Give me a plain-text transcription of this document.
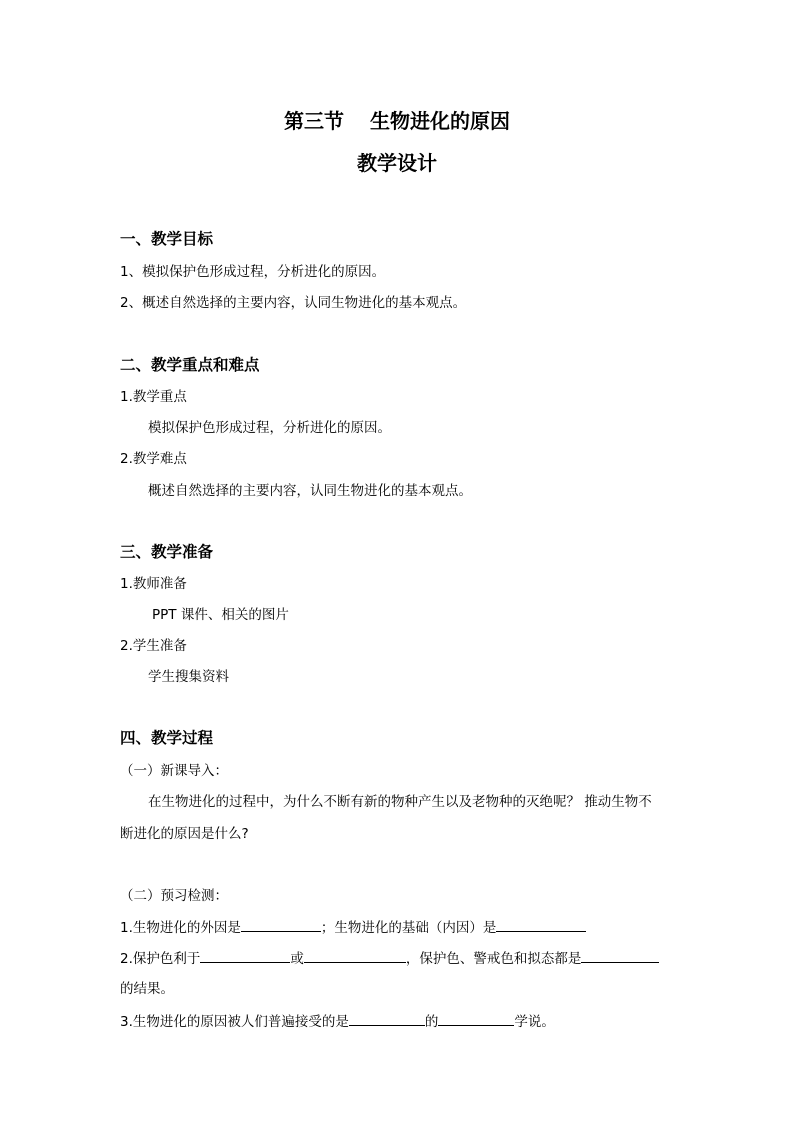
第三节 生物进化的原因
教学设计
一、教学目标
1、模拟保护色形成过程，分析进化的原因。
2、概述自然选择的主要内容，认同生物进化的基本观点。
二、教学重点和难点
1.教学重点
模拟保护色形成过程，分析进化的原因。
2.教学难点
概述自然选择的主要内容，认同生物进化的基本观点。
三、教学准备
1.教师准备
PPT 课件、相关的图片
2.学生准备
学生搜集资料
四、教学过程
（一）新课导入：
在生物进化的过程中，为什么不断有新的物种产生以及老物种的灭绝呢？ 推动生物不
断进化的原因是什么?
（二）预习检测：
1.生物进化的外因是	；生物进化的基础（内因）是
2.保护色利于	或	，保护色、警戒色和拟态都是
的结果。
3.生物进化的原因被人们普遍接受的是	的	学说。
